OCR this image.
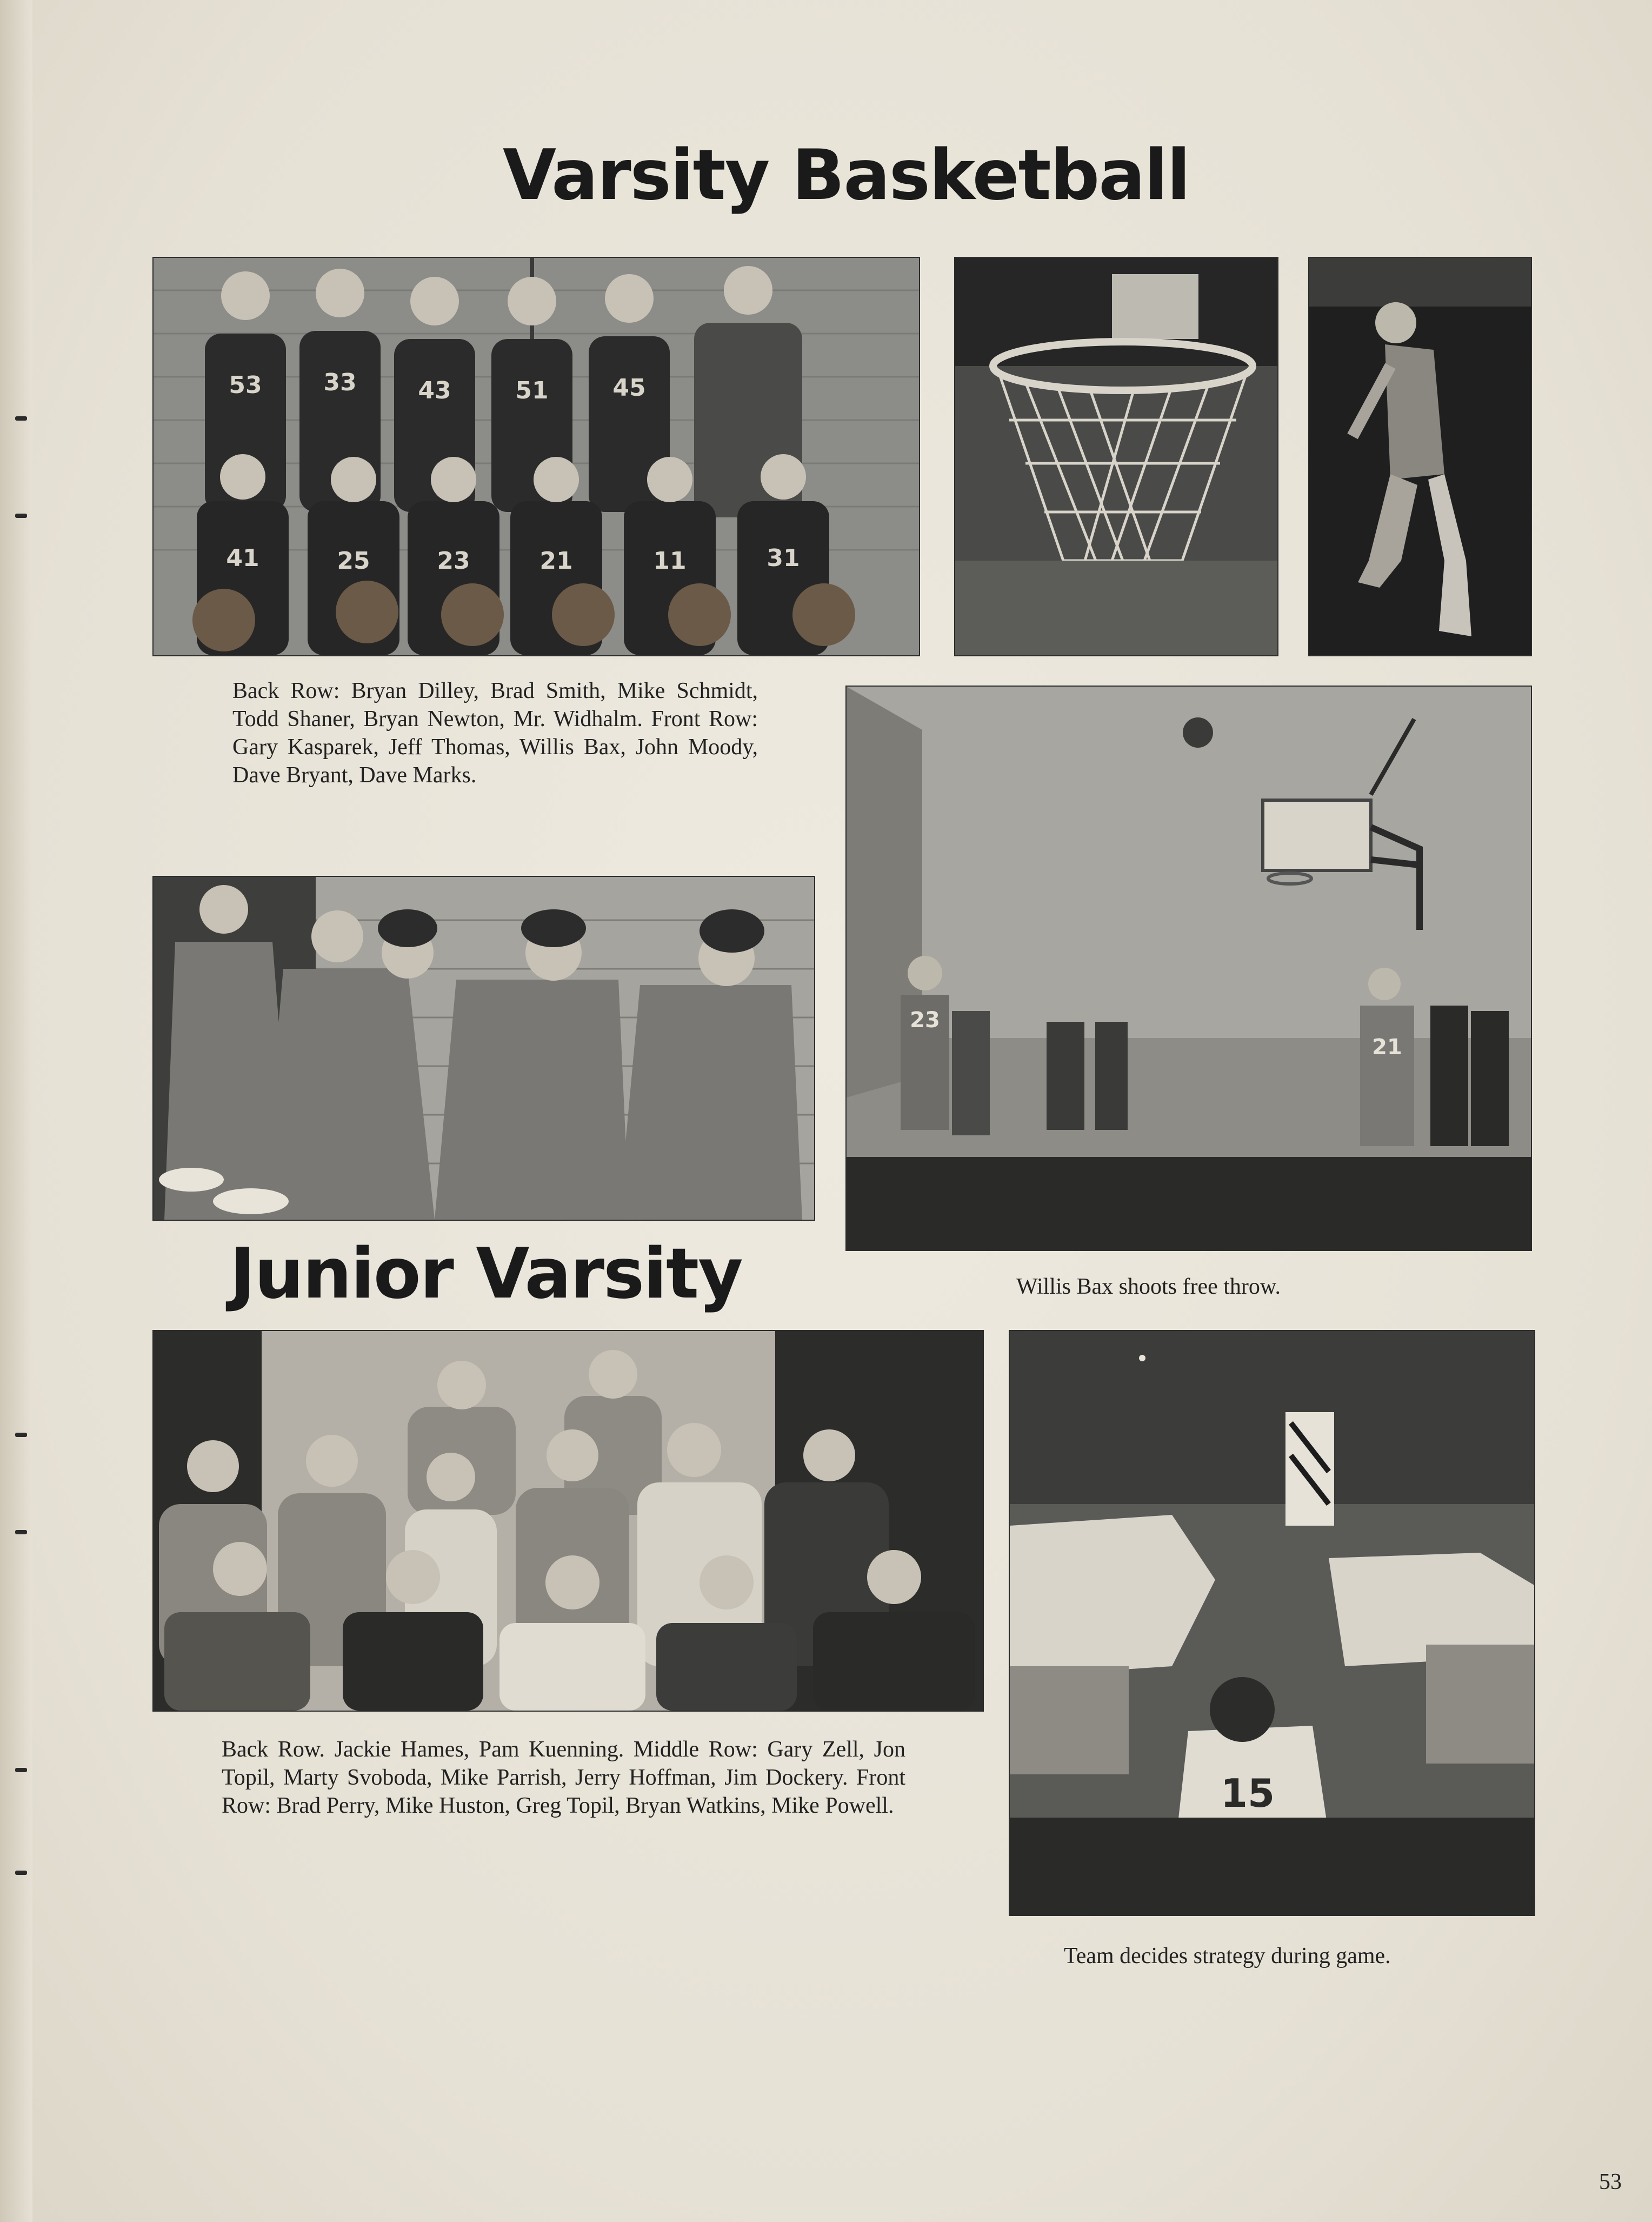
Varsity Basketball
53	33	43	51	45
41	25	23	21	11	31
Back Row: Bryan Dilley, Brad Smith, Mike Schmidt, Todd Shaner, Bryan Newton, Mr. Widhalm. Front Row: Gary Kasparek, Jeff Thomas, Willis Bax, John Moody, Dave Bryant, Dave Marks.
23
21
Junior Varsity	Willis Bax shoots free throw.
15
Back Row. Jackie Hames, Pam Kuenning. Middle Row: Gary Zell, Jon Topil, Marty Svoboda, Mike Parrish, Jerry Hoffman, Jim Dockery. Front Row: Brad Perry, Mike Huston, Greg Topil, Bryan Watkins, Mike Powell.
Team decides strategy during game.
53
